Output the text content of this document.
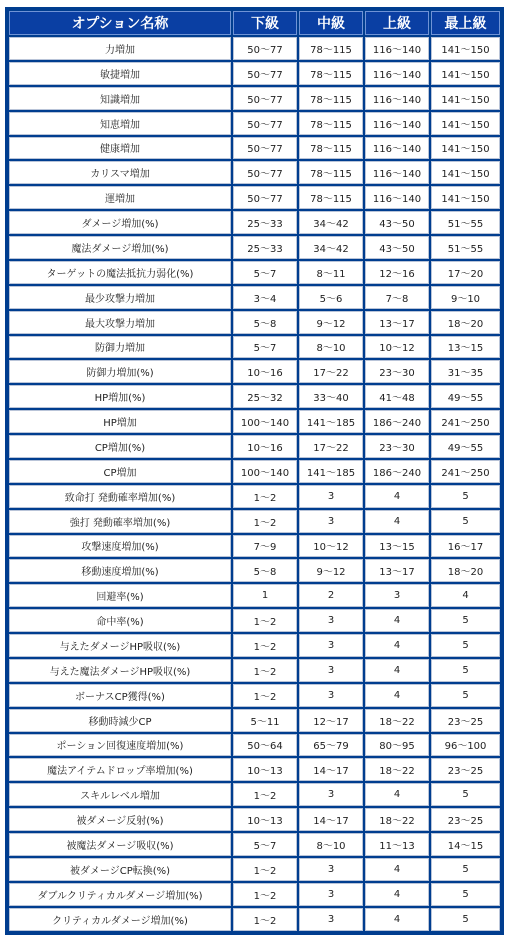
オプション名称	下級	中級	上級	最上級
力増加	50〜77	78〜115	116〜140	141〜150
敏捷増加	50〜77	78〜115	116〜140	141〜150
知識増加	50〜77	78〜115	116〜140	141〜150
知恵増加	50〜77	78〜115	116〜140	141〜150
健康増加	50〜77	78〜115	116〜140	141〜150
カリスマ増加	50〜77	78〜115	116〜140	141〜150
運増加	50〜77	78〜115	116〜140	141〜150
ダメージ増加(%)	25〜33	34〜42	43〜50	51〜55
魔法ダメージ増加(%)	25〜33	34〜42	43〜50	51〜55
ターゲットの魔法抵抗力弱化(%)	5〜7	8〜11	12〜16	17〜20
最少攻撃力増加	3〜4	5〜6	7〜8	9〜10
最大攻撃力増加	5〜8	9〜12	13〜17	18〜20
防御力増加	5〜7	8〜10	10〜12	13〜15
防御力増加(%)	10〜16	17〜22	23〜30	31〜35
HP増加(%)	25〜32	33〜40	41〜48	49〜55
HP増加	100〜140	141〜185	186〜240	241〜250
CP増加(%)	10〜16	17〜22	23〜30	49〜55
CP増加	100〜140	141〜185	186〜240	241〜250
致命打 発動確率増加(%)	1〜2	3	4	5
強打 発動確率増加(%)	1〜2	3	4	5
攻撃速度増加(%)	7〜9	10〜12	13〜15	16〜17
移動速度増加(%)	5〜8	9〜12	13〜17	18〜20
回避率(%)	1	2	3	4
命中率(%)	1〜2	3	4	5
与えたダメージHP吸収(%)	1〜2	3	4	5
与えた魔法ダメージHP吸収(%)	1〜2	3	4	5
ボーナスCP獲得(%)	1〜2	3	4	5
移動時減少CP	5〜11	12〜17	18〜22	23〜25
ポーション回復速度増加(%)	50〜64	65〜79	80〜95	96〜100
魔法アイテムドロップ率増加(%)	10〜13	14〜17	18〜22	23〜25
スキルレベル増加	1〜2	3	4	5
被ダメージ反射(%)	10〜13	14〜17	18〜22	23〜25
被魔法ダメージ吸収(%)	5〜7	8〜10	11〜13	14〜15
被ダメージCP転換(%)	1〜2	3	4	5
ダブルクリティカルダメージ増加(%)	1〜2	3	4	5
クリティカルダメージ増加(%)	1〜2	3	4	5
